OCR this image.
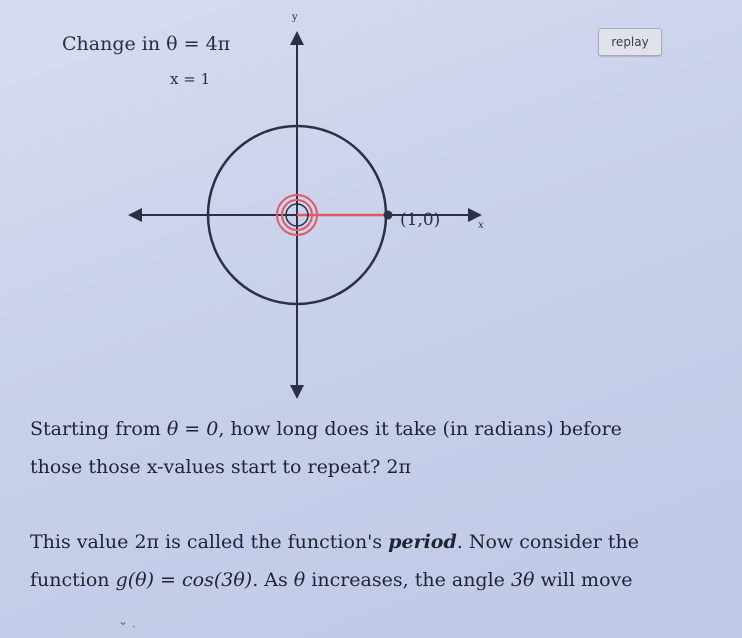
Change in θ = 4π
x = 1
y
x
(1,0)
replay
Starting from θ = 0, how long does it take (in radians) before
those those x-values start to repeat? 2π
This value 2π is called the function's period. Now consider the
function g(θ) = cos(3θ). As θ increases, the angle 3θ will move
⌄ ˎ
